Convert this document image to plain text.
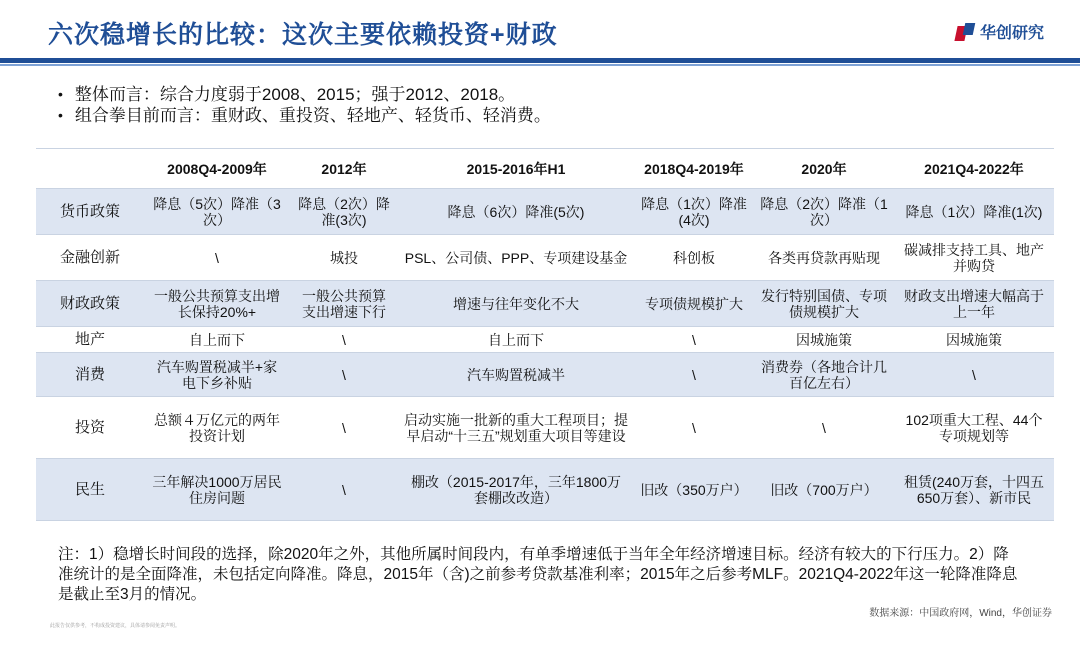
六次稳增长的比较：这次主要依赖投资+财政	华创研究
• 整体而言：综合力度弱于2008、2015；强于2012、2018。
• 组合拳目前而言：重财政、重投资、轻地产、轻货币、轻消费。
	2008Q4-2009年	2012年	2015-2016年H1	2018Q4-2019年	2020年	2021Q4-2022年
货币政策	降息（5次）降准（3次）	降息（2次）降准(3次)	降息（6次）降准(5次)	降息（1次）降准(4次)	降息（2次）降准（1次）	降息（1次）降准(1次)
金融创新	\	城投	PSL、公司债、PPP、专项建设基金	科创板	各类再贷款再贴现	碳减排支持工具、地产并购贷
财政政策	一般公共预算支出增长保持20%+	一般公共预算支出增速下行	增速与往年变化不大	专项债规模扩大	发行特别国债、专项债规模扩大	财政支出增速大幅高于上一年
地产	自上而下	\	自上而下	\	因城施策	因城施策
消费	汽车购置税减半+家电下乡补贴	\	汽车购置税减半	\	消费券（各地合计几百亿左右）	\
投资	总额４万亿元的两年投资计划	\	启动实施一批新的重大工程项目；提早启动“十三五”规划重大项目等建设	\	\	102项重大工程、44个专项规划等
民生	三年解决1000万居民住房问题	\	棚改（2015-2017年，三年1800万套棚改改造）	旧改（350万户）	旧改（700万户）	租赁(240万套，十四五650万套）、新市民
注：1）稳增长时间段的选择，除2020年之外，其他所属时间段内，有单季增速低于当年全年经济增速目标。经济有较大的下行压力。2）降准统计的是全面降准，未包括定向降准。降息，2015年（含)之前参考贷款基准利率；2015年之后参考MLF。2021Q4-2022年这一轮降准降息是截止至3月的情况。
数据来源：中国政府网，Wind，华创证券
此报告仅供参考，不构成投资建议，具体请参阅免责声明。
